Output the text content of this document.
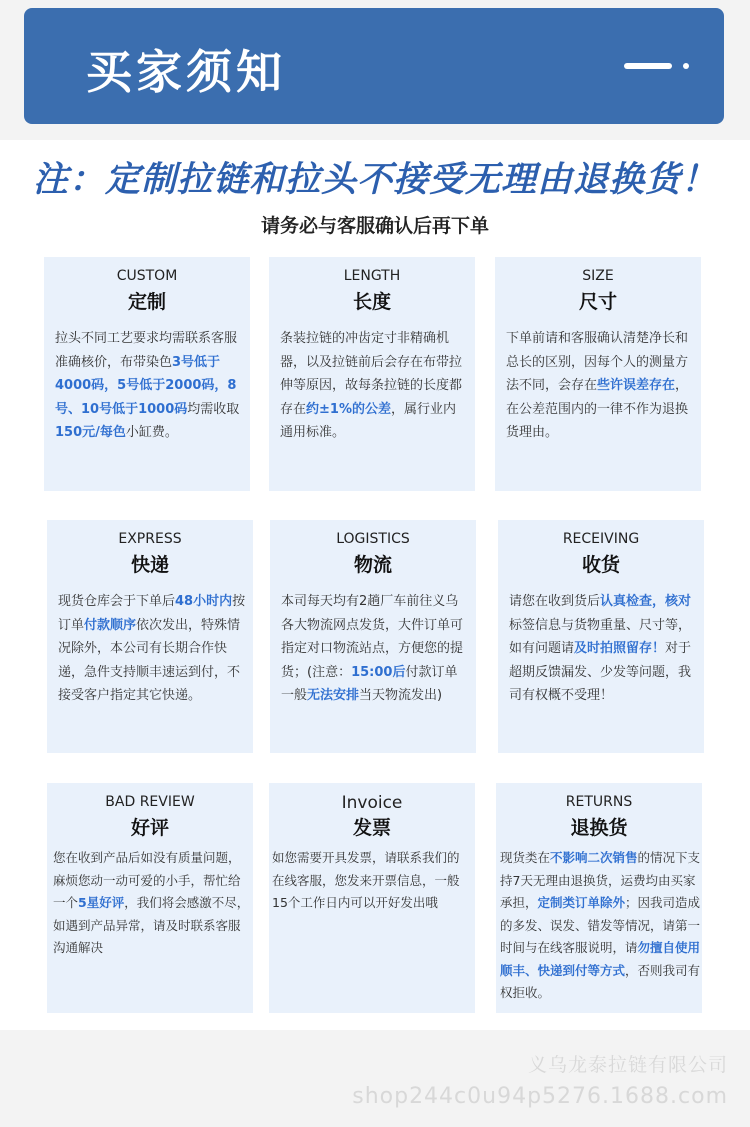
买家须知
注：定制拉链和拉头不接受无理由退换货！
请务必与客服确认后再下单
CUSTOM
定制
拉头不同工艺要求均需联系客服准确核价，布带染色3号低于4000码，5号低于2000码，8号、10号低于1000码均需收取150元/每色小缸费。
LENGTH
长度
条装拉链的冲齿定寸非精确机器，以及拉链前后会存在布带拉伸等原因，故每条拉链的长度都存在约±1%的公差，属行业内通用标准。
SIZE
尺寸
下单前请和客服确认清楚净长和总长的区别，因每个人的测量方法不同，会存在些许误差存在，在公差范围内的一律不作为退换货理由。
EXPRESS
快递
现货仓库会于下单后48小时内按订单付款顺序依次发出，特殊情况除外，本公司有长期合作快递，急件支持顺丰速运到付，不接受客户指定其它快递。
LOGISTICS
物流
本司每天均有2趟厂车前往义乌各大物流网点发货，大件订单可指定对口物流站点，方便您的提货；(注意：15:00后付款订单一般无法安排当天物流发出)
RECEIVING
收货
请您在收到货后认真检查，核对标签信息与货物重量、尺寸等，如有问题请及时拍照留存！对于超期反馈漏发、少发等问题，我司有权概不受理！
BAD REVIEW
好评
您在收到产品后如没有质量问题，麻烦您动一动可爱的小手，帮忙给一个5星好评，我们将会感激不尽，如遇到产品异常，请及时联系客服沟通解决
Invoice
发票
如您需要开具发票，请联系我们的在线客服，您发来开票信息，一般15个工作日内可以开好发出哦
RETURNS
退换货
现货类在不影响二次销售的情况下支持7天无理由退换货，运费均由买家承担，定制类订单除外；因我司造成的多发、误发、错发等情况，请第一时间与在线客服说明，请勿擅自使用顺丰、快递到付等方式，否则我司有权拒收。
义乌龙泰拉链有限公司
shop244c0u94p5276.1688.com
